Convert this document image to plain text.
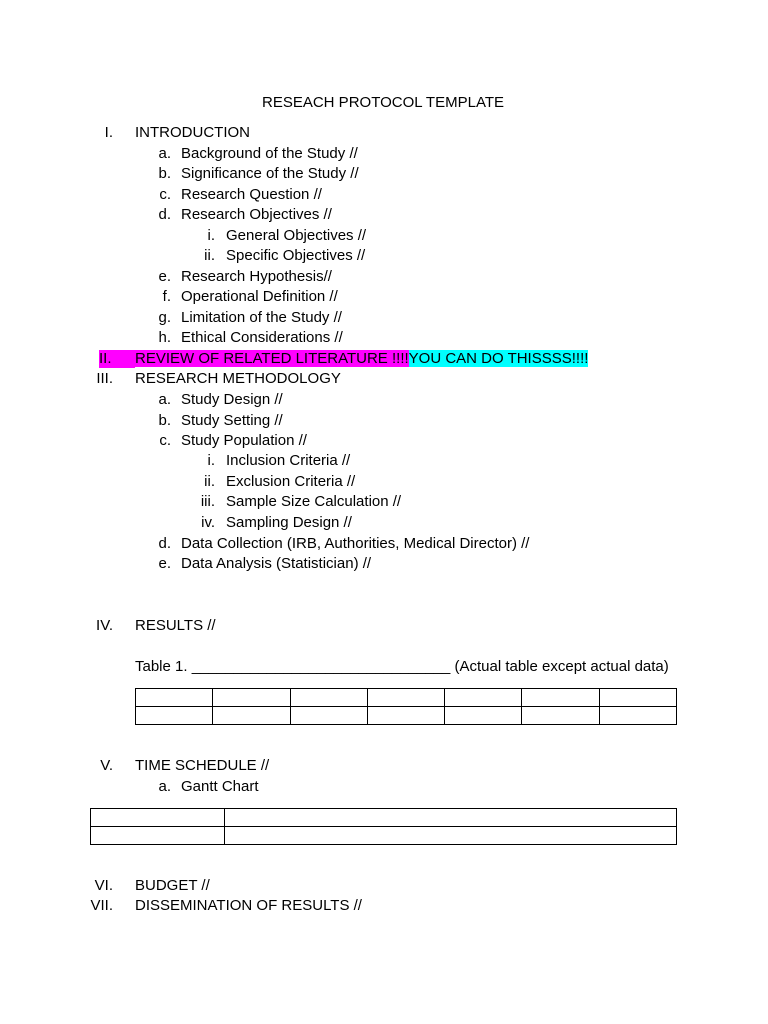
RESEACH PROTOCOL TEMPLATE
I. INTRODUCTION
a. Background of the Study //
b. Significance of the Study //
c. Research Question //
d. Research Objectives //
i. General Objectives //
ii. Specific Objectives //
e. Research Hypothesis//
f. Operational Definition //
g. Limitation of the Study //
h. Ethical Considerations //
II.	REVIEW OF RELATED LITERATURE !!!!YOU CAN DO THISSSS!!!!
III. RESEARCH METHODOLOGY
a. Study Design //
b. Study Setting //
c. Study Population //
i. Inclusion Criteria //
ii. Exclusion Criteria //
iii. Sample Size Calculation //
iv. Sampling Design //
d. Data Collection (IRB, Authorities, Medical Director) //
e. Data Analysis (Statistician) //
IV. RESULTS //
Table 1. _______________________________ (Actual table except actual data)

V. TIME SCHEDULE //
a. Gantt Chart

VI. BUDGET //
VII. DISSEMINATION OF RESULTS //
